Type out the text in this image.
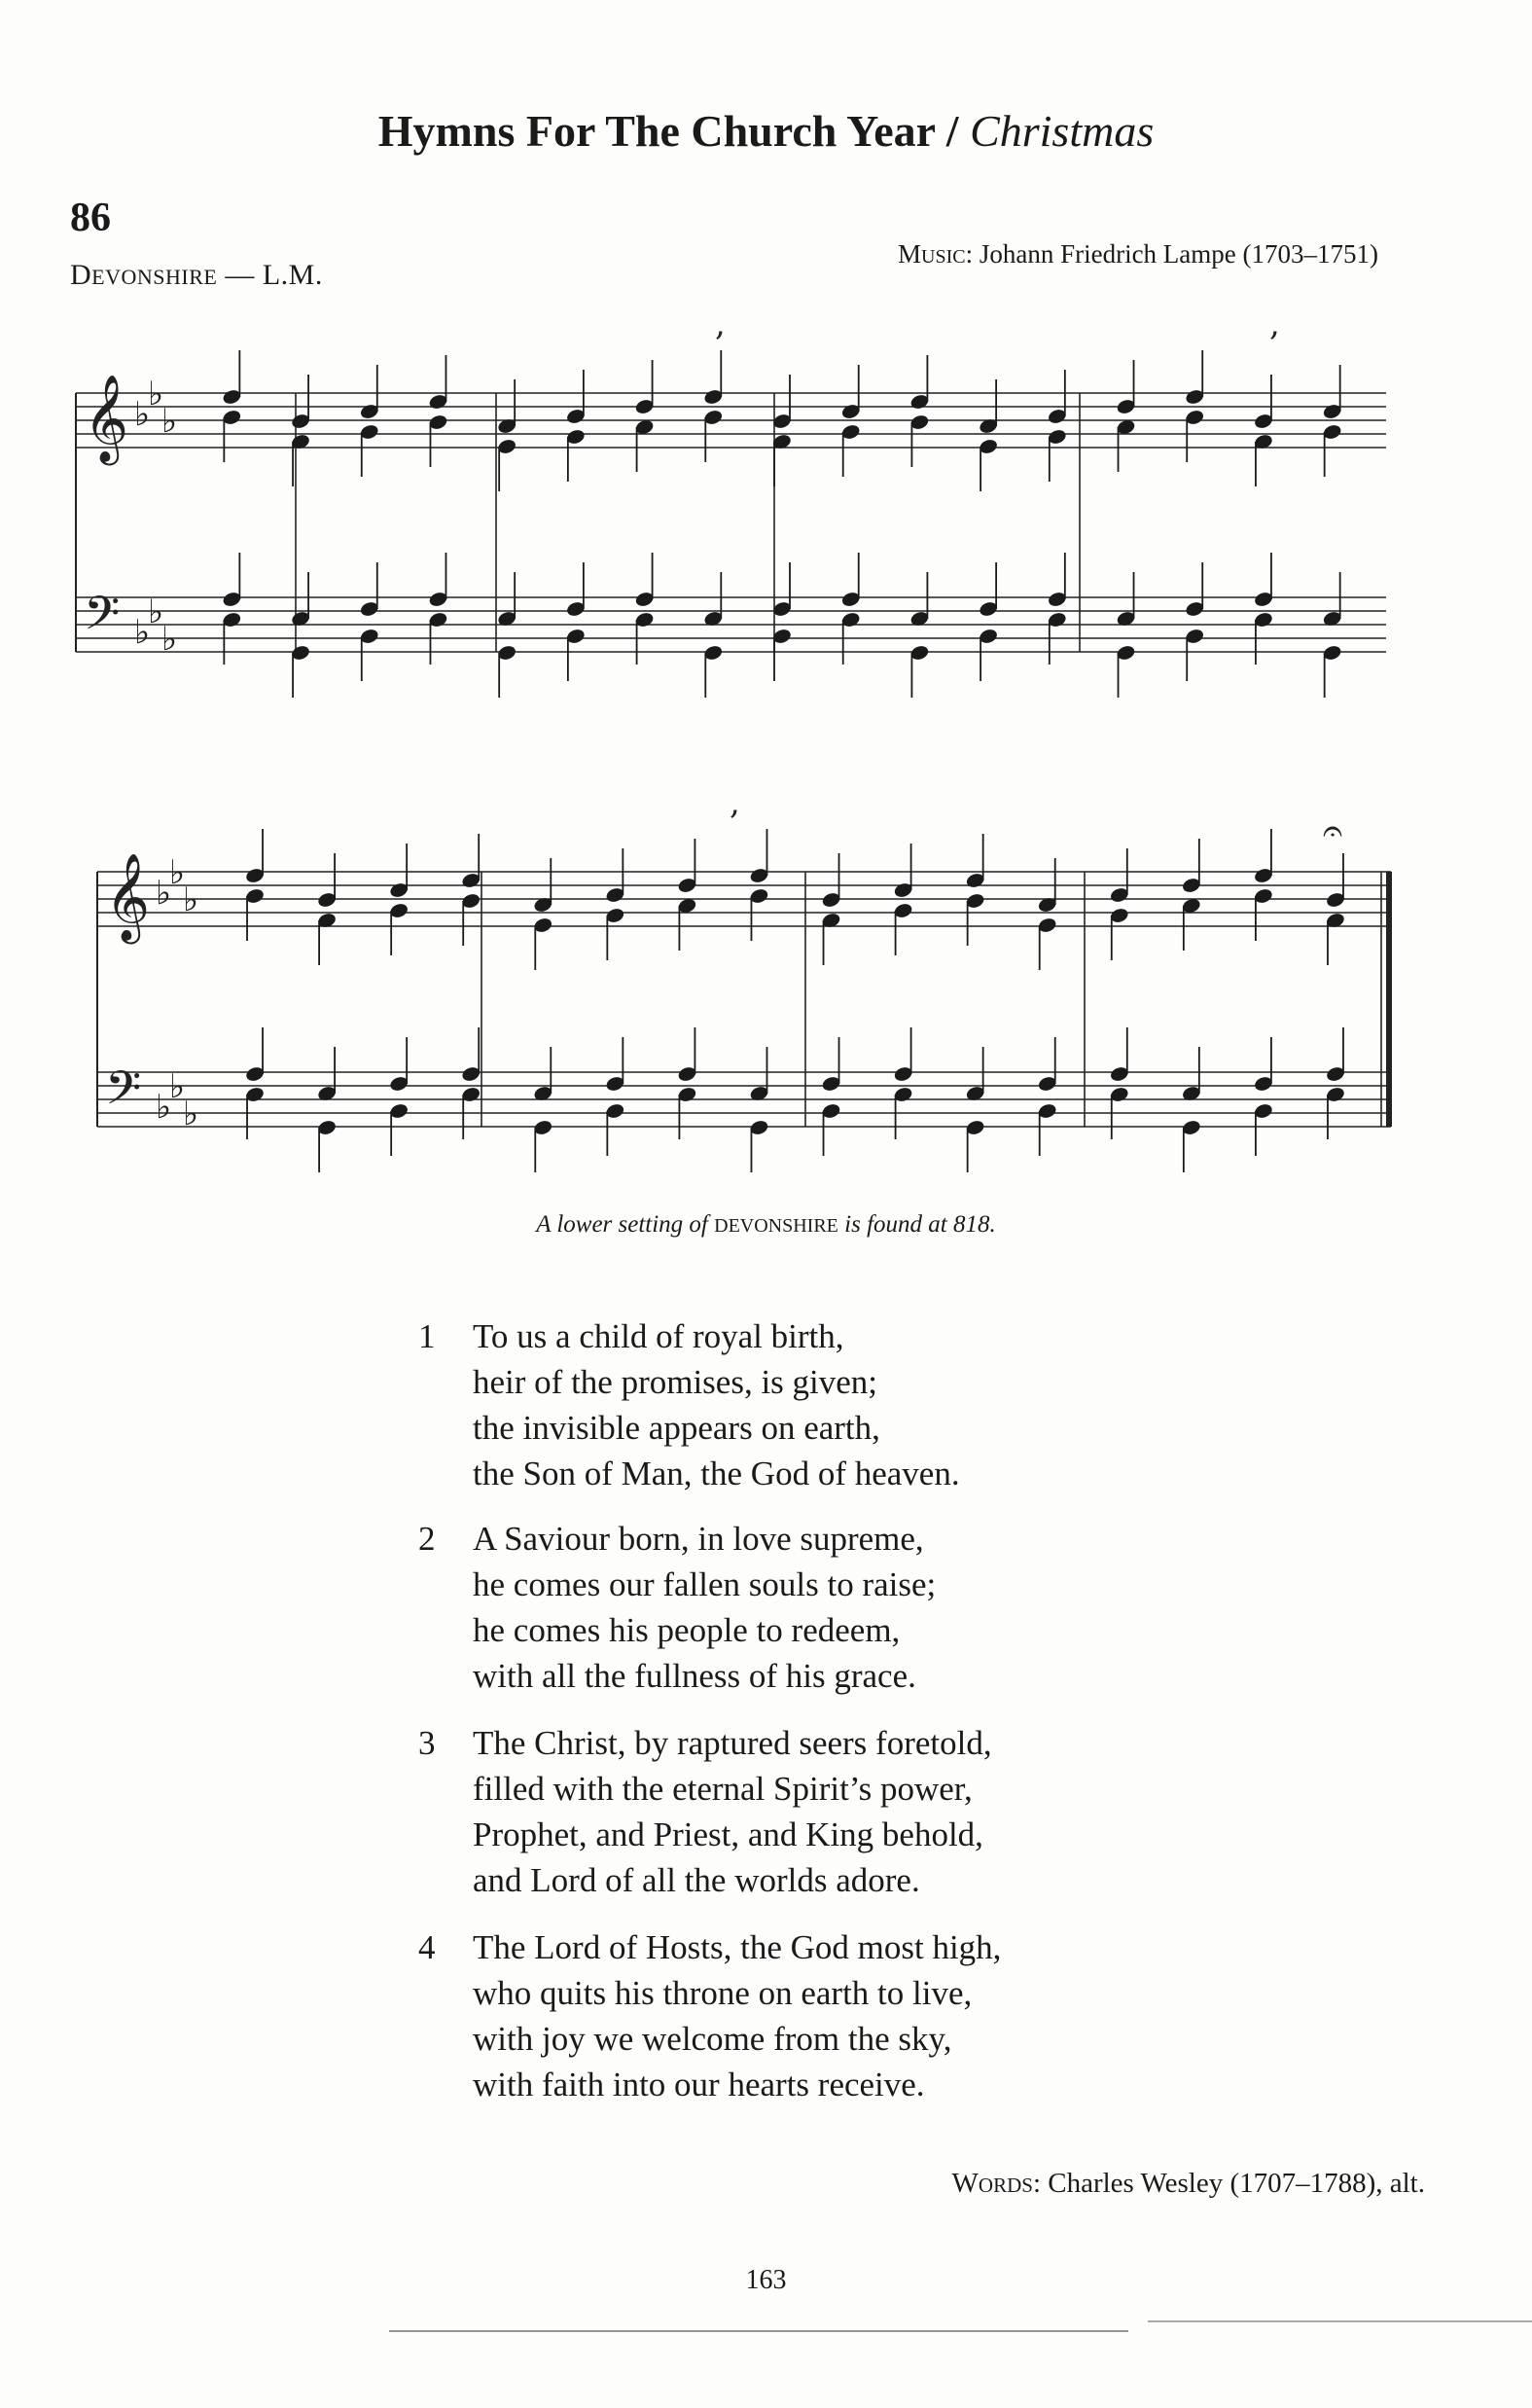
Hymns For The Church Year / Christmas
86
DEVONSHIRE — L.M.
MUSIC: Johann Friedrich Lampe (1703–1751)
𝄞
𝄢
♭
♭
♭
♭
♭
♭
,	,
𝄞
𝄢
♭
♭
♭
♭
♭
♭
,
𝄐
A lower setting of DEVONSHIRE is found at 818.
1 To us a child of royal birth,
heir of the promises, is given;
the invisible appears on earth,
the Son of Man, the God of heaven.
2 A Saviour born, in love supreme,
he comes our fallen souls to raise;
he comes his people to redeem,
with all the fullness of his grace.
3 The Christ, by raptured seers foretold,
filled with the eternal Spirit’s power,
Prophet, and Priest, and King behold,
and Lord of all the worlds adore.
4 The Lord of Hosts, the God most high,
who quits his throne on earth to live,
with joy we welcome from the sky,
with faith into our hearts receive.
WORDS: Charles Wesley (1707–1788), alt.
163
